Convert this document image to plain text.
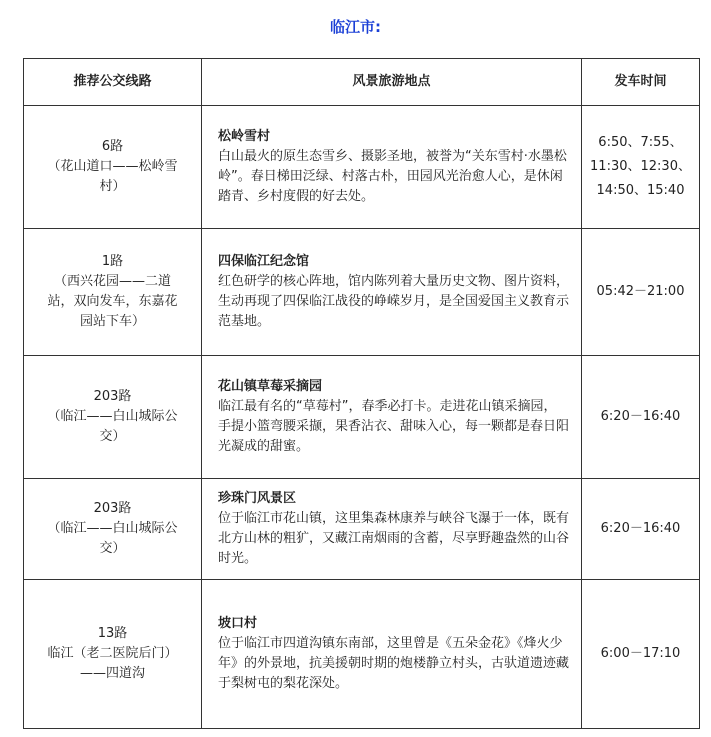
临江市:
推荐公交线路	风景旅游地点	发车时间

6路
（花山道口——松岭雪
村）	松岭雪村
白山最火的原生态雪乡、摄影圣地，被誉为“关东雪村·水墨松岭”。春日梯田泛绿、村落古朴，田园风光治愈人心，是休闲踏青、乡村度假的好去处。	6:50、7:55、
11:30、12:30、
14:50、15:40

1路
（西兴花园——二道
站，双向发车，东嘉花
园站下车）	四保临江纪念馆
红色研学的核心阵地，馆内陈列着大量历史文物、图片资料，生动再现了四保临江战役的峥嵘岁月，是全国爱国主义教育示范基地。	05:42－21:00

203路
（临江——白山城际公
交）	花山镇草莓采摘园
临江最有名的“草莓村”，春季必打卡。走进花山镇采摘园，手提小篮弯腰采撷，果香沾衣、甜味入心，每一颗都是春日阳光凝成的甜蜜。	6:20－16:40

203路
（临江——白山城际公
交）	珍珠门风景区
位于临江市花山镇，这里集森林康养与峡谷飞瀑于一体，既有北方山林的粗犷，又藏江南烟雨的含蓄，尽享野趣盎然的山谷时光。	6:20－16:40

13路
临江（老二医院后门）
——四道沟	坡口村
位于临江市四道沟镇东南部，这里曾是《五朵金花》《烽火少年》的外景地，抗美援朝时期的炮楼静立村头，古驮道遗迹藏于梨树屯的梨花深处。	6:00－17:10
